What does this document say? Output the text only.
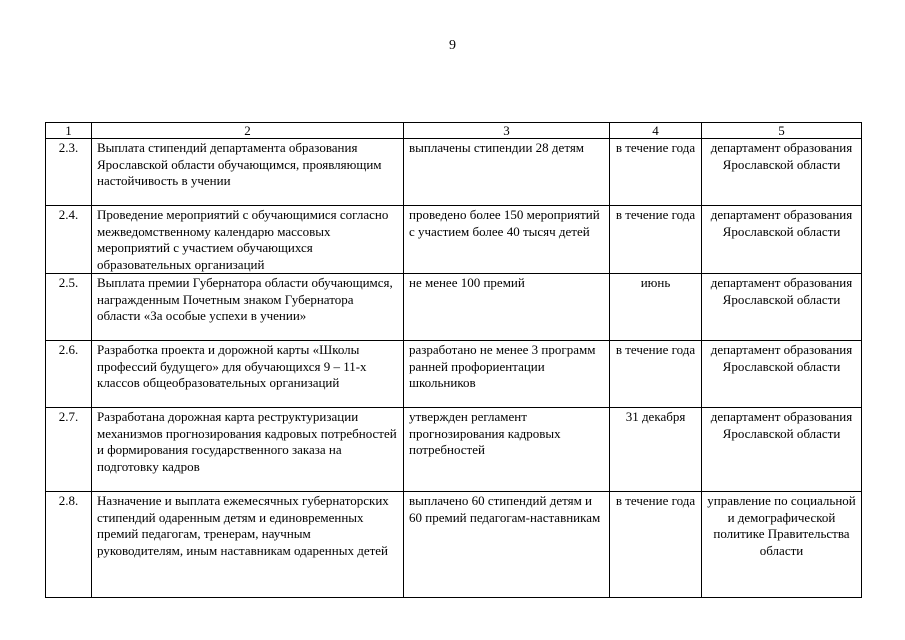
9
1	2	3	4	5
2.3.	Выплата стипендий департамента образования Ярославской области обучающимся, проявляющим настойчивость в учении	выплачены стипендии 28 детям	в течение года	департамент образования Ярославской области
2.4.	Проведение мероприятий с обучающимися согласно межведомственному календарю массовых мероприятий с участием обучающихся образовательных организаций	проведено более 150 мероприятий с участием более 40 тысяч детей	в течение года	департамент образования Ярославской области
2.5.	Выплата премии Губернатора области обучающимся, награжденным Почетным знаком Губернатора области «За особые успехи в учении»	не менее 100 премий	июнь	департамент образования Ярославской области
2.6.	Разработка проекта и дорожной карты «Школы профессий будущего» для обучающихся 9 – 11-х классов общеобразовательных организаций	разработано не менее 3 программ ранней профориентации школьников	в течение года	департамент образования Ярославской области
2.7.	Разработана дорожная карта реструктуризации механизмов прогнозирования кадровых потребностей и формирования государственного заказа на подготовку кадров	утвержден регламент прогнозирования кадровых потребностей	31 декабря	департамент образования Ярославской области
2.8.	Назначение и выплата ежемесячных губернаторских стипендий одаренным детям и единовременных премий педагогам, тренерам, научным руководителям, иным наставникам одаренных детей	выплачено 60 стипендий детям и 60 премий педагогам-наставникам	в течение года	управление по социальной и демографической политике Правительства области
